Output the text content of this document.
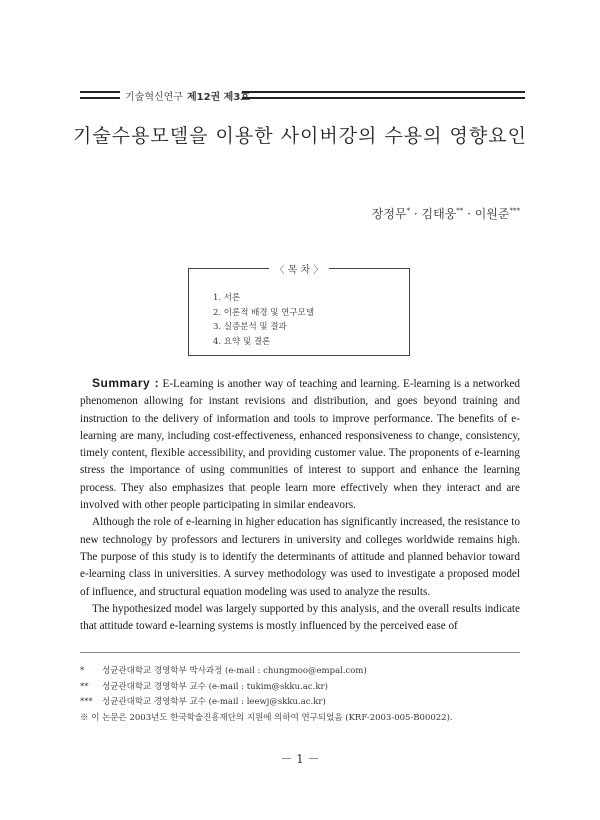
기술혁신연구 제12권 제3호
기술수용모델을 이용한 사이버강의 수용의 영향요인
장정무* · 김태웅** · 이원준***
〈 목 차 〉
1. 서론
2. 이론적 배경 및 연구모델
3. 실증분석 및 결과
4. 요약 및 결론

Summary : E-Learning is another way of teaching and learning. E-learning is a networked phenomenon allowing for instant revisions and distribution, and goes beyond training and instruction to the delivery of information and tools to improve performance. The benefits of e-learning are many, including cost-effectiveness, enhanced responsiveness to change, consistency, timely content, flexible accessibility, and providing customer value. The proponents of e-learning stress the importance of using communities of interest to support and enhance the learning process. They also emphasizes that people learn more effectively when they interact and are involved with other people participating in similar endeavors.

Although the role of e-learning in higher education has significantly increased, the resistance to new technology by professors and lecturers in university and colleges worldwide remains high. The purpose of this study is to identify the determinants of attitude and planned behavior toward e-learning class in universities. A survey methodology was used to investigate a proposed model of influence, and structural equation modeling was used to analyze the results.

The hypothesized model was largely supported by this analysis, and the overall results indicate that attitude toward e-learning systems is mostly influenced by the perceived ease of

* 성균관대학교 경영학부 박사과정 (e-mail : chungmoo@empal.com)
** 성균관대학교 경영학부 교수 (e-mail : tukim@skku.ac.kr)
*** 성균관대학교 경영학부 교수 (e-mail : leewj@skku.ac.kr)
※ 이 논문은 2003년도 한국학술진흥재단의 지원에 의하여 연구되었음 (KRF-2003-005-B00022).
－ 1 －
